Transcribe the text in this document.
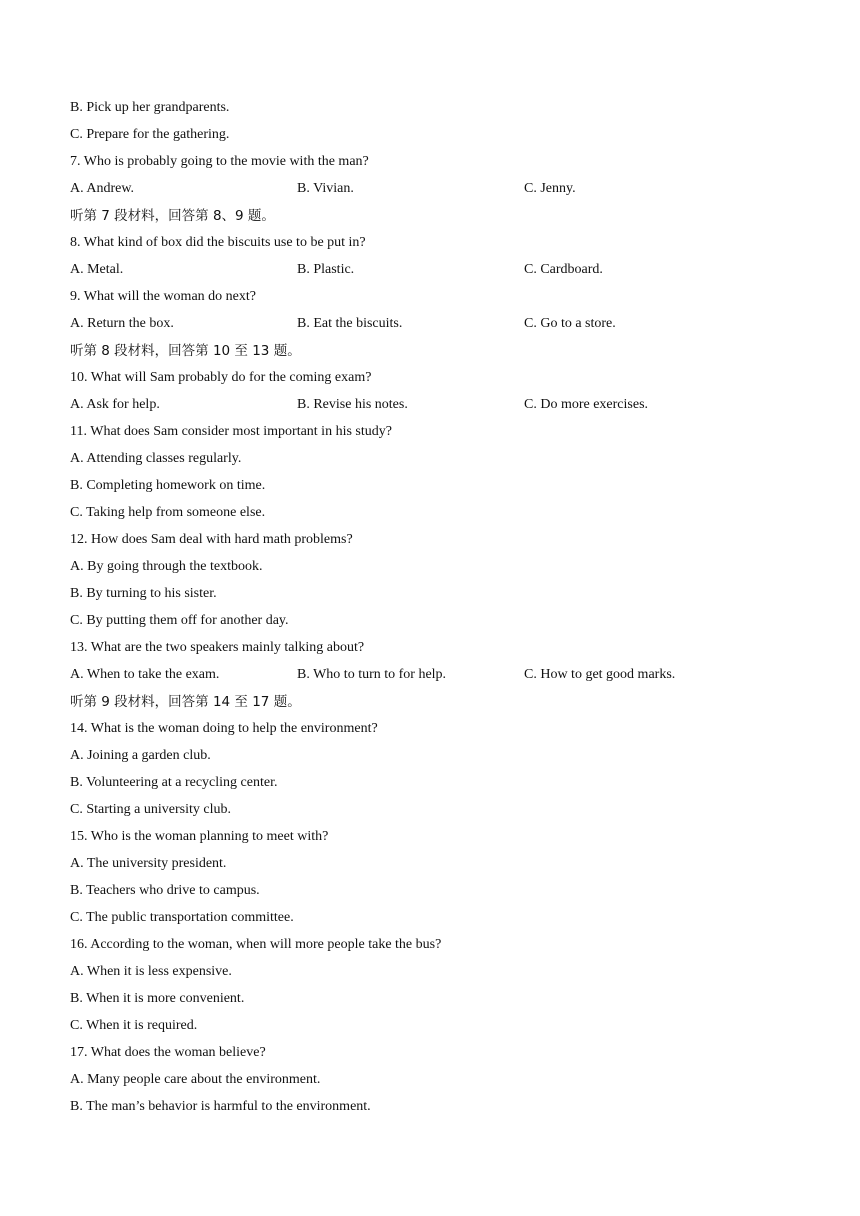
B. Pick up her grandparents.
C. Prepare for the gathering.
7. Who is probably going to the movie with the man?
A. Andrew.	B. Vivian.	C. Jenny.
听第 7 段材料，回答第 8、9 题。
8. What kind of box did the biscuits use to be put in?
A. Metal.	B. Plastic.	C. Cardboard.
9. What will the woman do next?
A. Return the box.	B. Eat the biscuits.	C. Go to a store.
听第 8 段材料，回答第 10 至 13 题。
10. What will Sam probably do for the coming exam?
A. Ask for help.	B. Revise his notes.	C. Do more exercises.
11. What does Sam consider most important in his study?
A. Attending classes regularly.
B. Completing homework on time.
C. Taking help from someone else.
12. How does Sam deal with hard math problems?
A. By going through the textbook.
B. By turning to his sister.
C. By putting them off for another day.
13. What are the two speakers mainly talking about?
A. When to take the exam.	B. Who to turn to for help.	C. How to get good marks.
听第 9 段材料，回答第 14 至 17 题。
14. What is the woman doing to help the environment?
A. Joining a garden club.
B. Volunteering at a recycling center.
C. Starting a university club.
15. Who is the woman planning to meet with?
A. The university president.
B. Teachers who drive to campus.
C. The public transportation committee.
16. According to the woman, when will more people take the bus?
A. When it is less expensive.
B. When it is more convenient.
C. When it is required.
17. What does the woman believe?
A. Many people care about the environment.
B. The man’s behavior is harmful to the environment.
